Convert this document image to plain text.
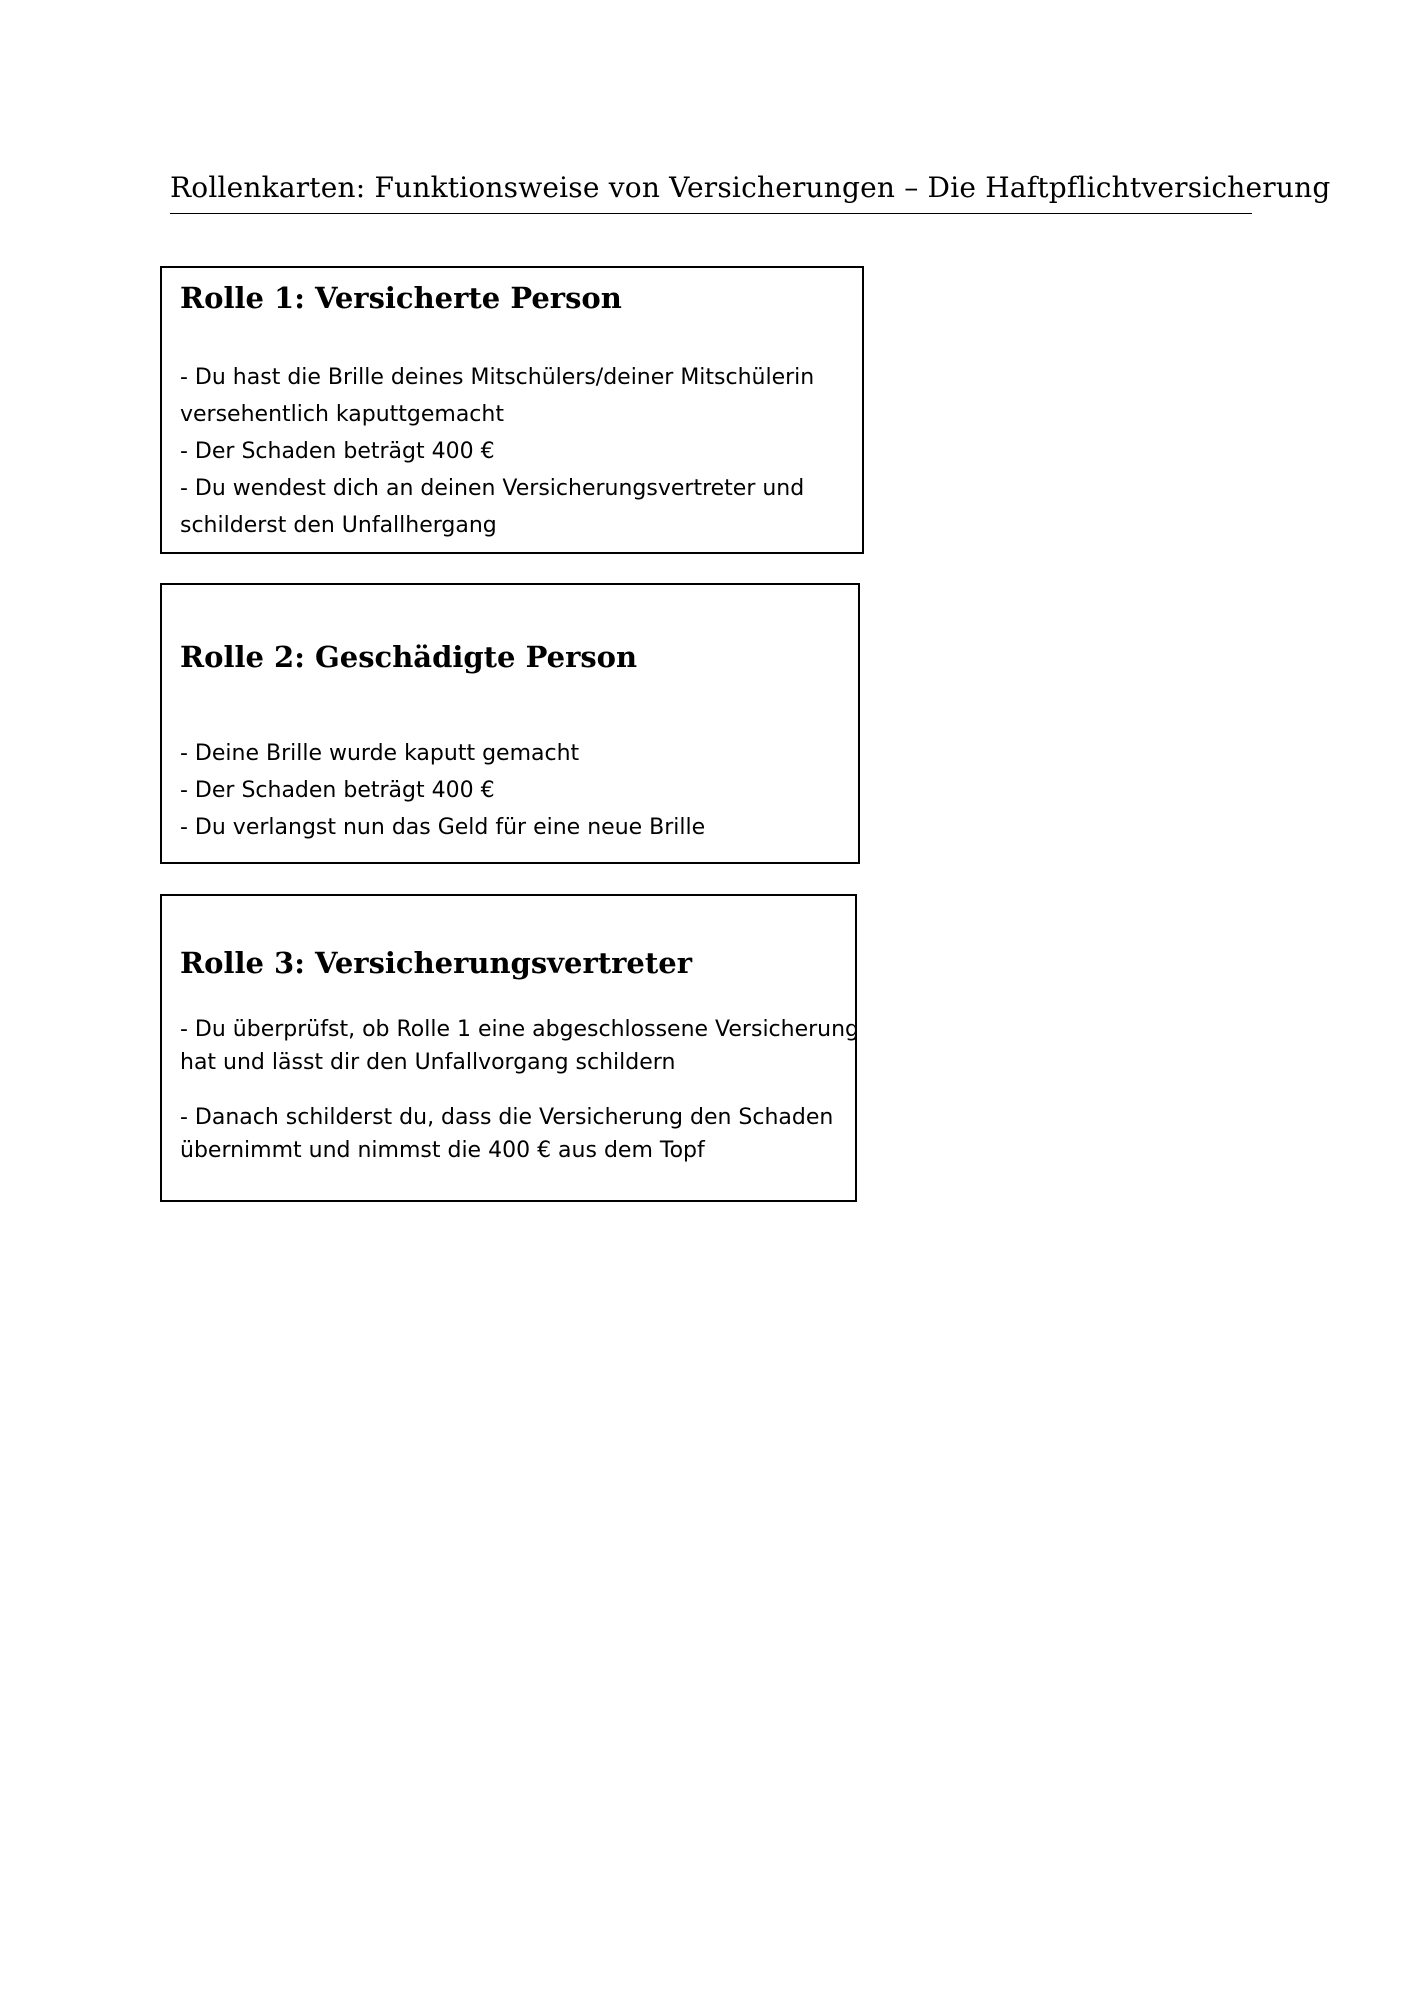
Rollenkarten: Funktionsweise von Versicherungen – Die Haftpflichtversicherung
Rolle 1: Versicherte Person
- Du hast die Brille deines Mitschülers/deiner Mitschülerin
versehentlich kaputtgemacht
- Der Schaden beträgt 400 €
- Du wendest dich an deinen Versicherungsvertreter und
schilderst den Unfallhergang
Rolle 2: Geschädigte Person
- Deine Brille wurde kaputt gemacht
- Der Schaden beträgt 400 €
- Du verlangst nun das Geld für eine neue Brille
Rolle 3: Versicherungsvertreter
- Du überprüfst, ob Rolle 1 eine abgeschlossene Versicherung
hat und lässt dir den Unfallvorgang schildern
- Danach schilderst du, dass die Versicherung den Schaden
übernimmt und nimmst die 400 € aus dem Topf
